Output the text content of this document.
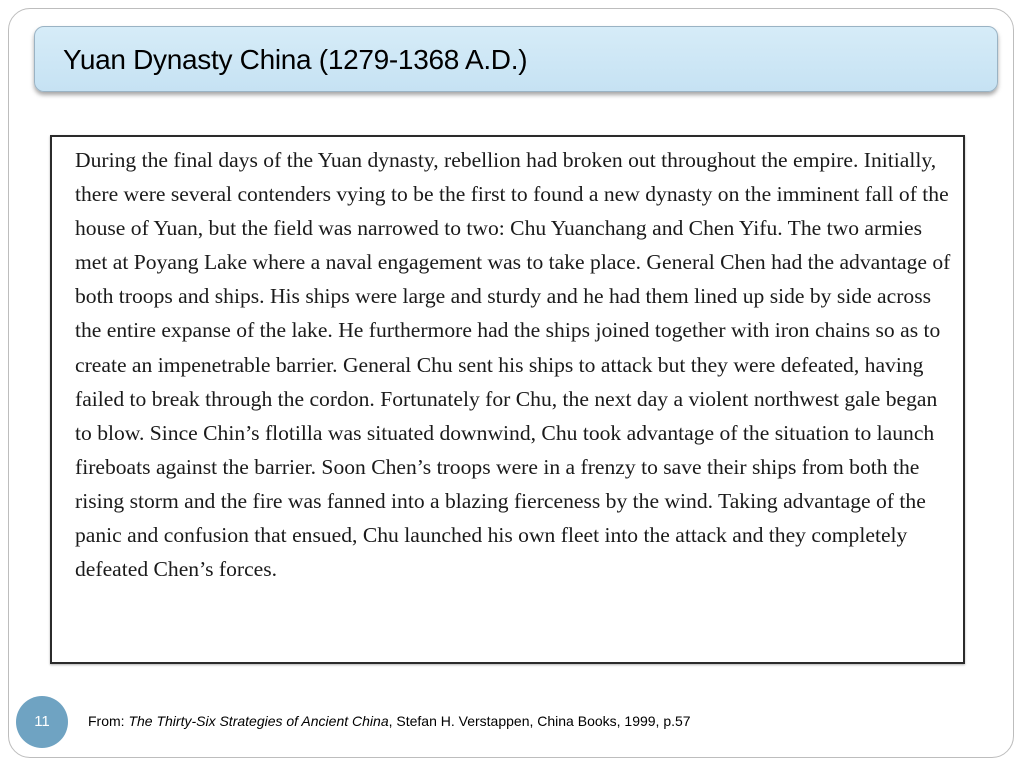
Yuan Dynasty China (1279-1368 A.D.)

During the final days of the Yuan dynasty, rebellion had broken out throughout the empire. Initially, there were several contenders vying to be the first to found a new dynasty on the imminent fall of the house of Yuan, but the field was narrowed to two: Chu Yuanchang and Chen Yifu. The two armies met at Poyang Lake where a naval engagement was to take place. General Chen had the advantage of both troops and ships. His ships were large and sturdy and he had them lined up side by side across the entire expanse of the lake. He furthermore had the ships joined together with iron chains so as to create an impenetrable barrier. General Chu sent his ships to attack but they were defeated, having failed to break through the cordon. Fortunately for Chu, the next day a violent northwest gale began to blow. Since Chin’s flotilla was situated downwind, Chu took advantage of the situation to launch fireboats against the barrier. Soon Chen’s troops were in a frenzy to save their ships from both the rising storm and the fire was fanned into a blazing fierceness by the wind. Taking advantage of the panic and confusion that ensued, Chu launched his own fleet into the attack and they completely defeated Chen’s forces.

11	From: The Thirty-Six Strategies of Ancient China, Stefan H. Verstappen, China Books, 1999, p.57
